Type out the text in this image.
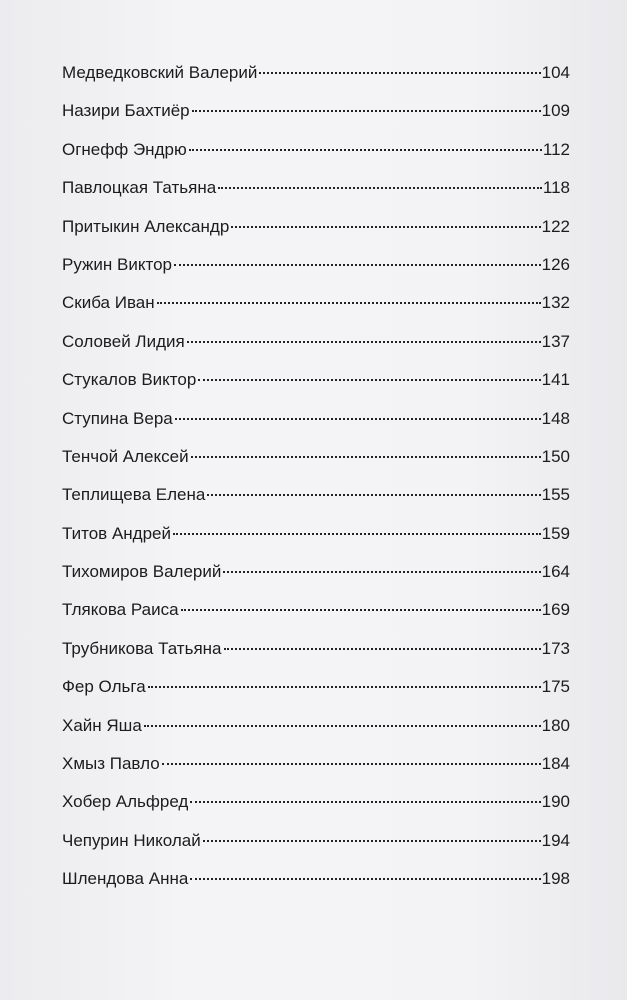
Медведковский Валерий	104
Назири Бахтиёр	109
Огнефф Эндрю	112
Павлоцкая Татьяна	118
Притыкин Александр	122
Ружин Виктор	126
Скиба Иван	132
Соловей Лидия	137
Стукалов Виктор	141
Ступина Вера	148
Тенчой Алексей	150
Теплищева Елена	155
Титов Андрей	159
Тихомиров Валерий	164
Тлякова Раиса	169
Трубникова Татьяна	173
Фер Ольга	175
Хайн Яша	180
Хмыз Павло	184
Хобер Альфред	190
Чепурин Николай	194
Шлендова Анна	198
